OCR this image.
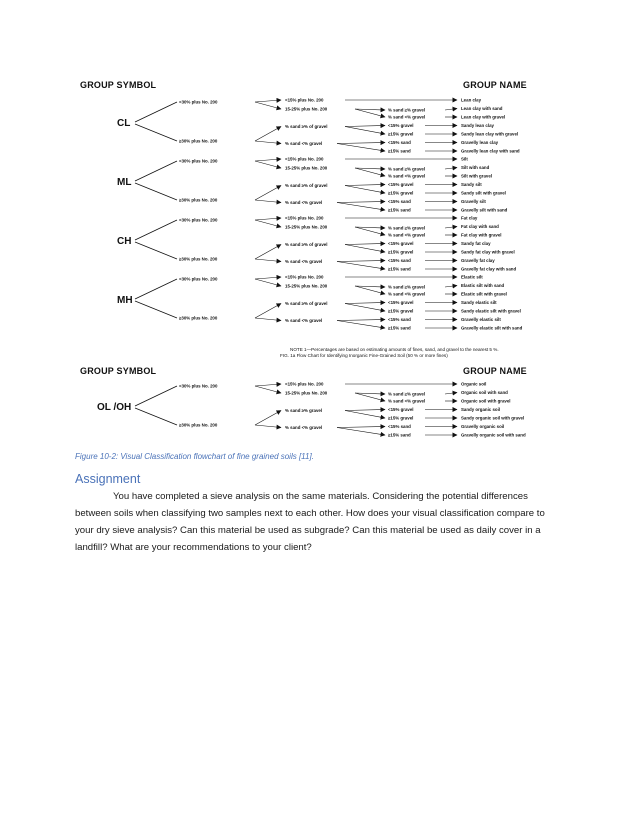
GROUP SYMBOL	GROUP NAME
GROUP SYMBOL	GROUP NAME
NOTE 1—Percentages are based on estimating amounts of fines, sand, and gravel to the nearest 5 %.
FIG. 1a Flow Chart for Identifying Inorganic Fine-Grained Soil (50 % or more fines)
CL
<30% plus No. 200
≥30% plus No. 200
<15% plus No. 200
15-25% plus No. 200	% sand ≥% gravel
% sand <% gravel
% sand ≥% of gravel
% sand <% gravel
<15% gravel
≥15% gravel
<15% sand
≥15% sand
Lean clay
Lean clay with sand
Lean clay with gravel
Sandy lean clay
Sandy lean clay with gravel
Gravelly lean clay
Gravelly lean clay with sand
ML
<30% plus No. 200
≥30% plus No. 200
<15% plus No. 200
15-25% plus No. 200	% sand ≥% gravel
% sand <% gravel
% sand ≥% of gravel
% sand <% gravel
<15% gravel
≥15% gravel
<15% sand
≥15% sand
Silt
Silt with sand
Silt with gravel
Sandy silt
Sandy silt with gravel
Gravelly silt
Gravelly silt with sand
CH
<30% plus No. 200
≥30% plus No. 200
<15% plus No. 200
15-25% plus No. 200	% sand ≥% gravel
% sand <% gravel
% sand ≥% of gravel
% sand <% gravel
<15% gravel
≥15% gravel
<15% sand
≥15% sand
Fat clay
Fat clay with sand
Fat clay with gravel
Sandy fat clay
Sandy fat clay with gravel
Gravelly fat clay
Gravelly fat clay with sand
MH
<30% plus No. 200
≥30% plus No. 200
<15% plus No. 200
15-25% plus No. 200	% sand ≥% gravel
% sand <% gravel
% sand ≥% of gravel
% sand <% gravel
<15% gravel
≥15% gravel
<15% sand
≥15% sand
Elastic silt
Elastic silt with sand
Elastic silt with gravel
Sandy elastic silt
Sandy elastic silt with gravel
Gravelly elastic silt
Gravelly elastic silt with sand
OL /OH
<30% plus No. 200
≥30% plus No. 200
<15% plus No. 200
15-25% plus No. 200	% sand ≥% gravel
% sand <% gravel
% sand ≥% gravel
% sand <% gravel
<15% gravel
≥15% gravel
<15% sand
≥15% sand
Organic soil
Organic soil with sand
Organic soil with gravel
Sandy organic soil
Sandy organic soil with gravel
Gravelly organic soil
Gravelly organic soil with sand
Figure 10-2: Visual Classification flowchart of fine grained soils [11].
Assignment
You have completed a sieve analysis on the same materials. Considering the potential differences between soils when classifying two samples next to each other. How does your visual classification compare to your dry sieve analysis? Can this material be used as subgrade? Can this material be used as daily cover in a landfill? What are your recommendations to your client?
